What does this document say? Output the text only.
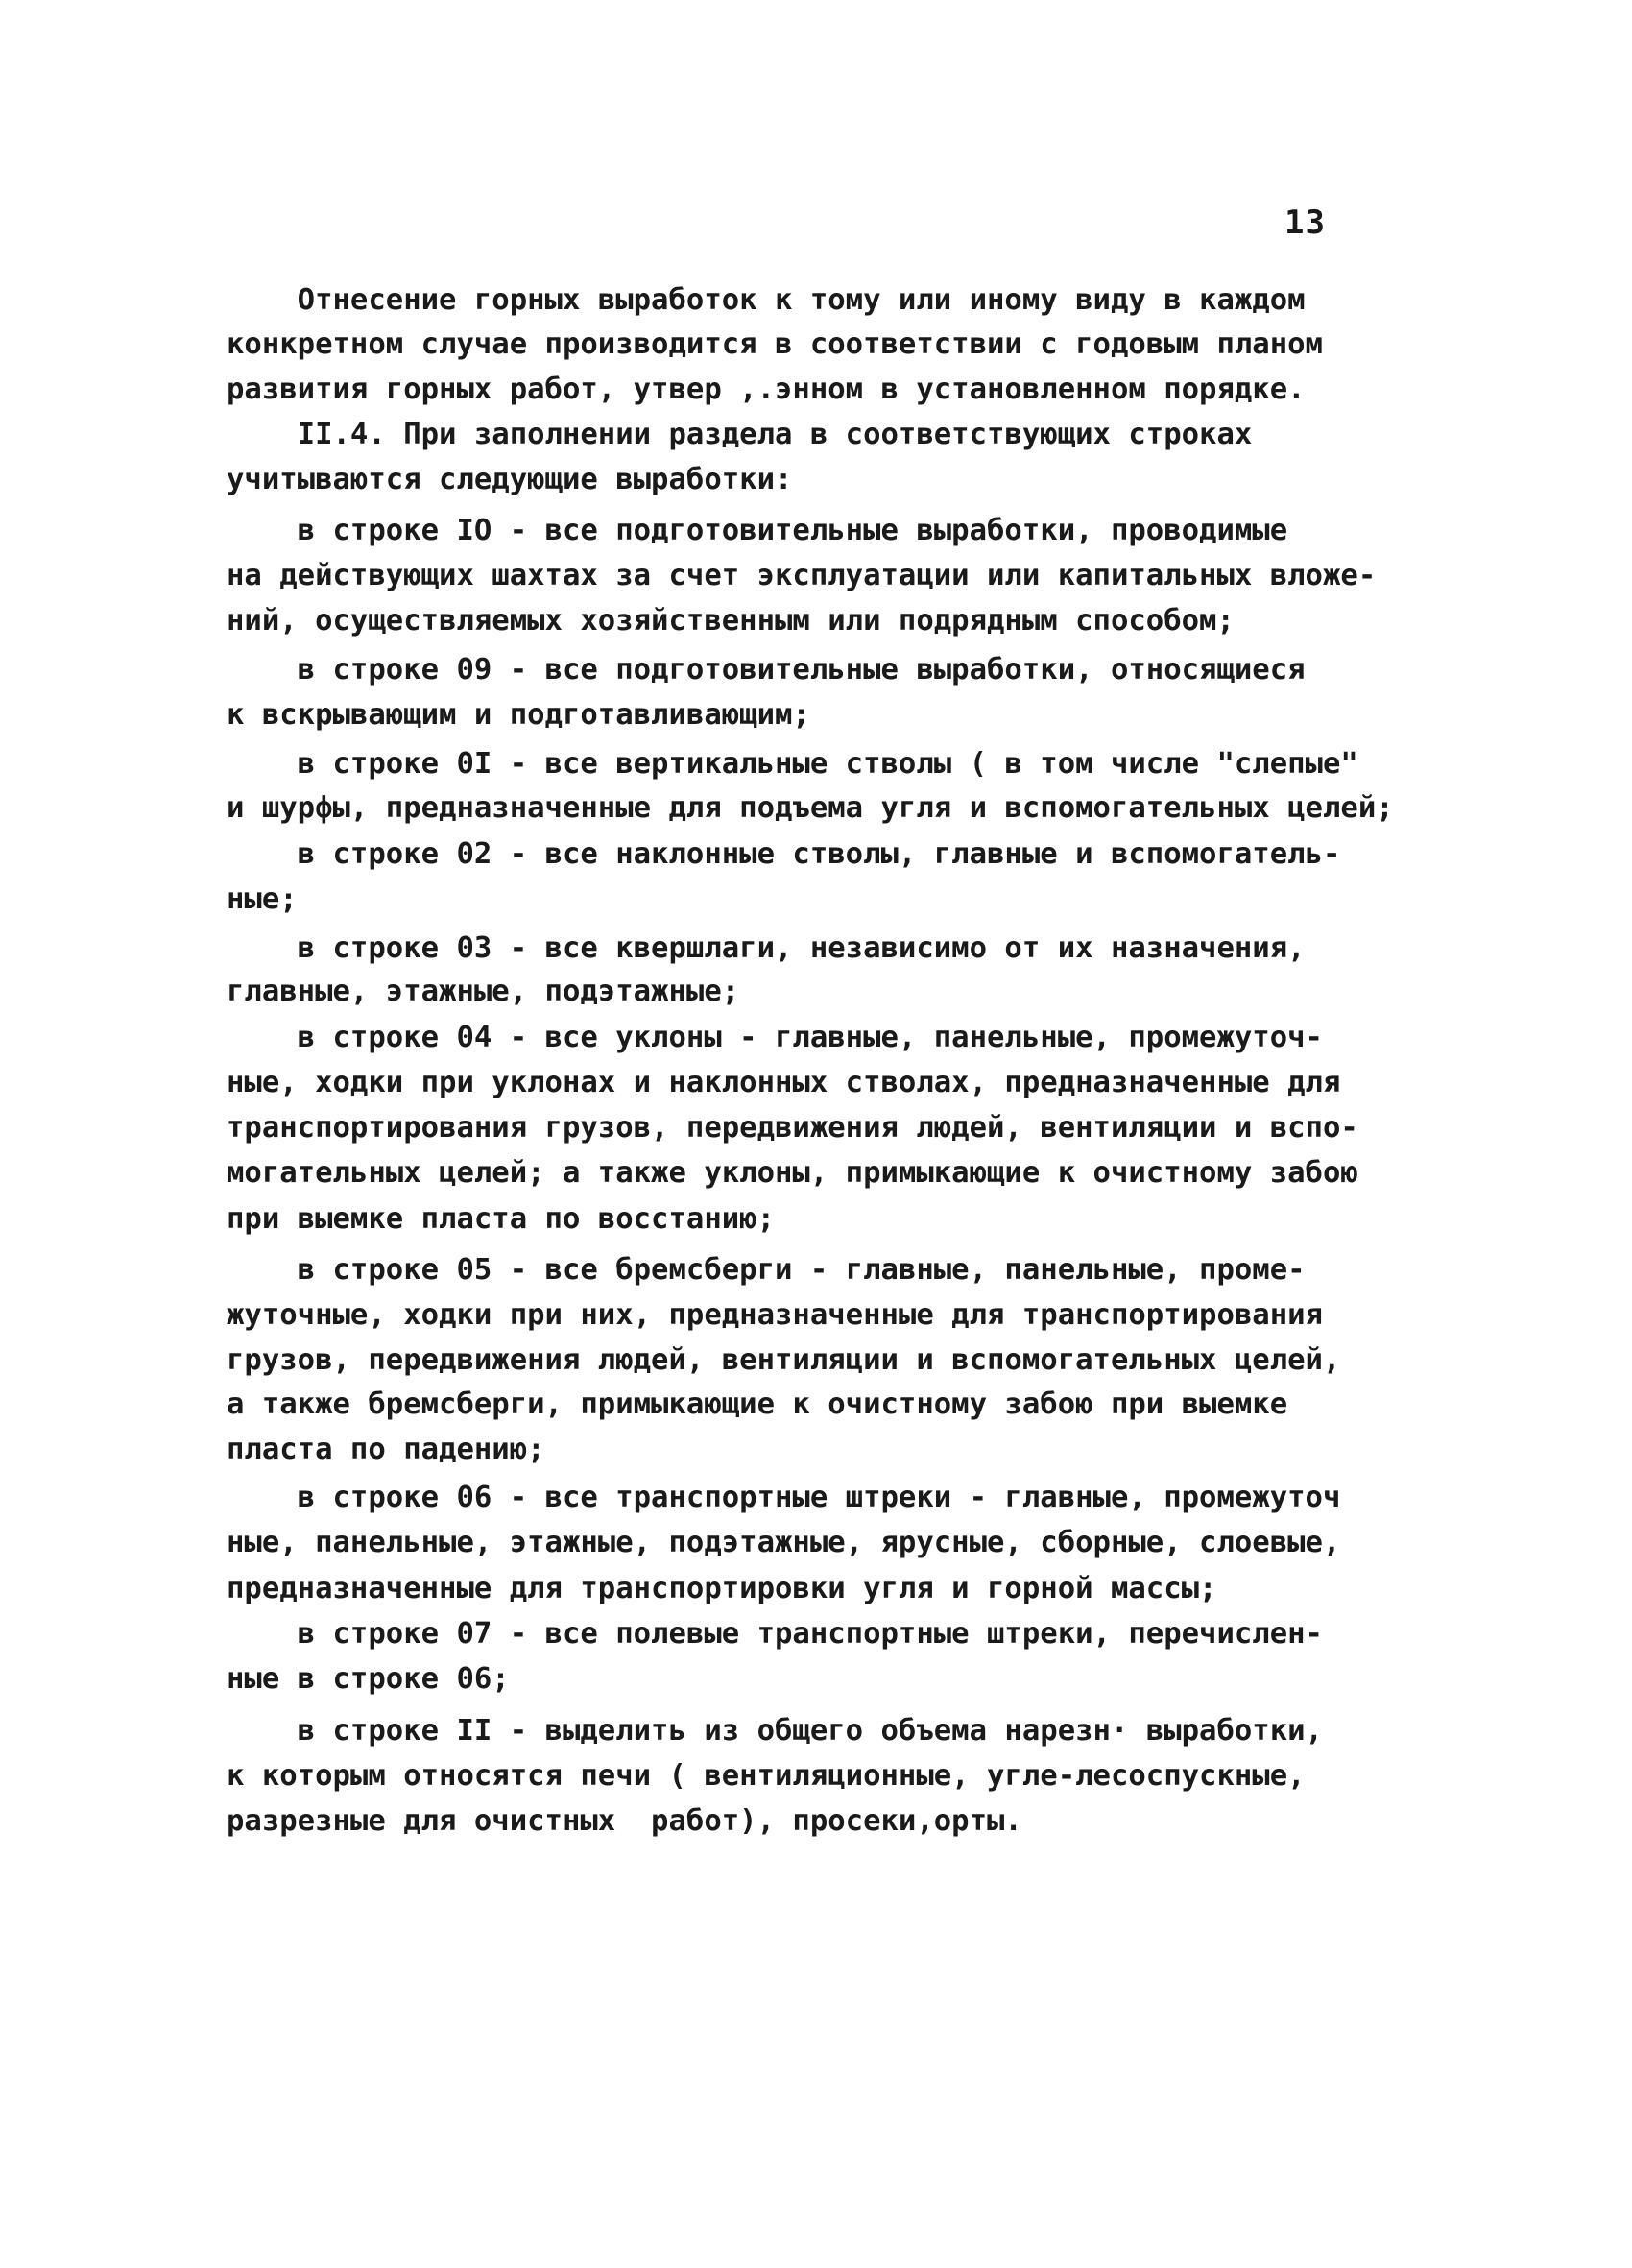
13
Отнесение горных выработок к тому или иному виду в каждом
конкретном случае производится в соответствии с годовым планом
развития горных работ, утвер ,.энном в установленном порядке.
II.4. При заполнении раздела в соответствующих строках
учитываются следующие выработки:
в строке IO - все подготовительные выработки, проводимые
на действующих шахтах за счет эксплуатации или капитальных вложе-
ний, осуществляемых хозяйственным или подрядным способом;
в строке 09 - все подготовительные выработки, относящиеся
к вскрывающим и подготавливающим;
в строке 0I - все вертикальные стволы ( в том числе "слепые"
и шурфы, предназначенные для подъема угля и вспомогательных целей;
в строке 02 - все наклонные стволы, главные и вспомогатель-
ные;
в строке 03 - все квершлаги, независимо от их назначения,
главные, этажные, подэтажные;
в строке 04 - все уклоны - главные, панельные, промежуточ-
ные, ходки при уклонах и наклонных стволах, предназначенные для
транспортирования грузов, передвижения людей, вентиляции и вспо-
могательных целей; а также уклоны, примыкающие к очистному забою
при выемке пласта по восстанию;
в строке 05 - все бремсберги - главные, панельные, проме-
жуточные, ходки при них, предназначенные для транспортирования
грузов, передвижения людей, вентиляции и вспомогательных целей,
а также бремсберги, примыкающие к очистному забою при выемке
пласта по падению;
в строке 06 - все транспортные штреки - главные, промежуточ
ные, панельные, этажные, подэтажные, ярусные, сборные, слоевые,
предназначенные для транспортировки угля и горной массы;
в строке 07 - все полевые транспортные штреки, перечислен-
ные в строке 06;
в строке II - выделить из общего объема нарезн· выработки,
к которым относятся печи ( вентиляционные, угле-лесоспускные,
разрезные для очистных  работ), просеки,орты.
